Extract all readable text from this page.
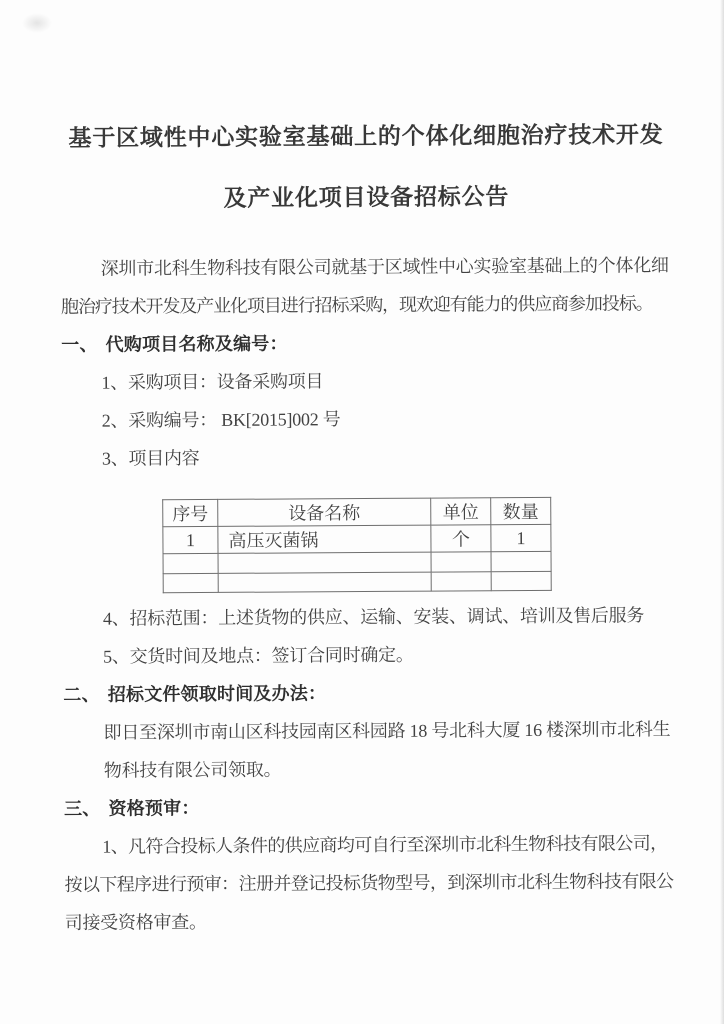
基于区域性中心实验室基础上的个体化细胞治疗技术开发
及产业化项目设备招标公告
深圳市北科生物科技有限公司就基于区域性中心实验室基础上的个体化细
胞治疗技术开发及产业化项目进行招标采购，现欢迎有能力的供应商参加投标。
一、 代购项目名称及编号：
1、采购项目：设备采购项目
2、采购编号： BK[2015]002 号
3、项目内容
序号	设备名称	单位	数量
1	高压灭菌锅	个	1

4、招标范围：上述货物的供应、运输、安装、调试、培训及售后服务
5、交货时间及地点：签订合同时确定。
二、 招标文件领取时间及办法：
即日至深圳市南山区科技园南区科园路 18 号北科大厦 16 楼深圳市北科生
物科技有限公司领取。
三、 资格预审：
1、凡符合投标人条件的供应商均可自行至深圳市北科生物科技有限公司，
按以下程序进行预审：注册并登记投标货物型号，到深圳市北科生物科技有限公
司接受资格审查。
